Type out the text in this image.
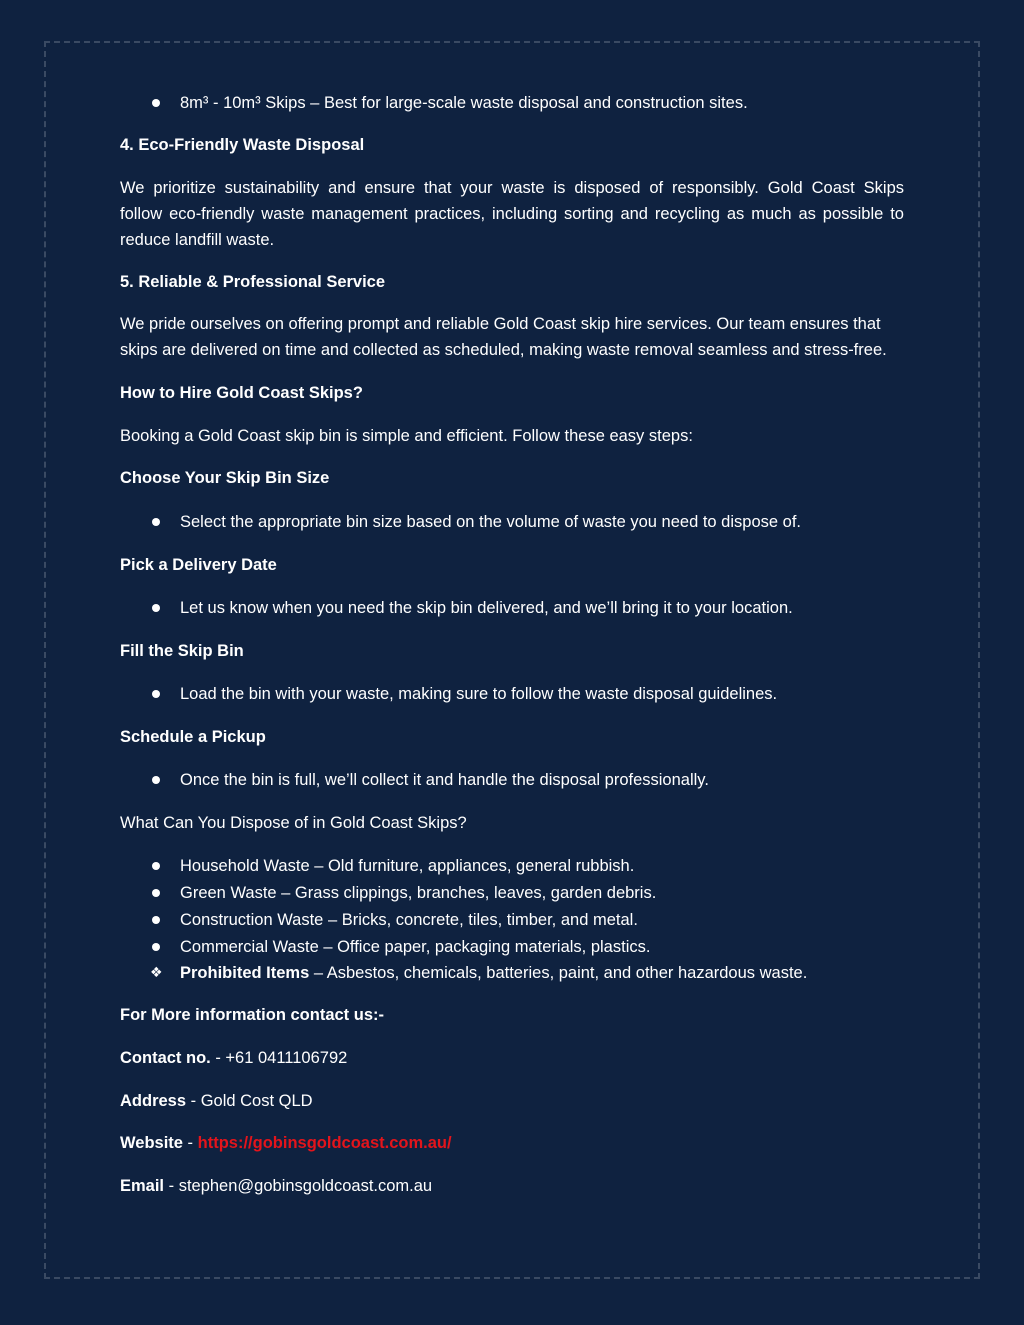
8m³ - 10m³ Skips – Best for large-scale waste disposal and construction sites.
4. Eco-Friendly Waste Disposal
We prioritize sustainability and ensure that your waste is disposed of responsibly. Gold Coast Skips
follow eco-friendly waste management practices, including sorting and recycling as much as possible to
reduce landfill waste.
5. Reliable & Professional Service
We pride ourselves on offering prompt and reliable Gold Coast skip hire services. Our team ensures that
skips are delivered on time and collected as scheduled, making waste removal seamless and stress-free.
How to Hire Gold Coast Skips?
Booking a Gold Coast skip bin is simple and efficient. Follow these easy steps:
Choose Your Skip Bin Size
Select the appropriate bin size based on the volume of waste you need to dispose of.
Pick a Delivery Date
Let us know when you need the skip bin delivered, and we’ll bring it to your location.
Fill the Skip Bin
Load the bin with your waste, making sure to follow the waste disposal guidelines.
Schedule a Pickup
Once the bin is full, we’ll collect it and handle the disposal professionally.
What Can You Dispose of in Gold Coast Skips?
Household Waste – Old furniture, appliances, general rubbish.
Green Waste – Grass clippings, branches, leaves, garden debris.
Construction Waste – Bricks, concrete, tiles, timber, and metal.
Commercial Waste – Office paper, packaging materials, plastics.
❖ Prohibited Items – Asbestos, chemicals, batteries, paint, and other hazardous waste.
For More information contact us:-
Contact no. - +61 0411106792
Address - Gold Cost QLD
Website - https://gobinsgoldcoast.com.au/
Email - stephen@gobinsgoldcoast.com.au
